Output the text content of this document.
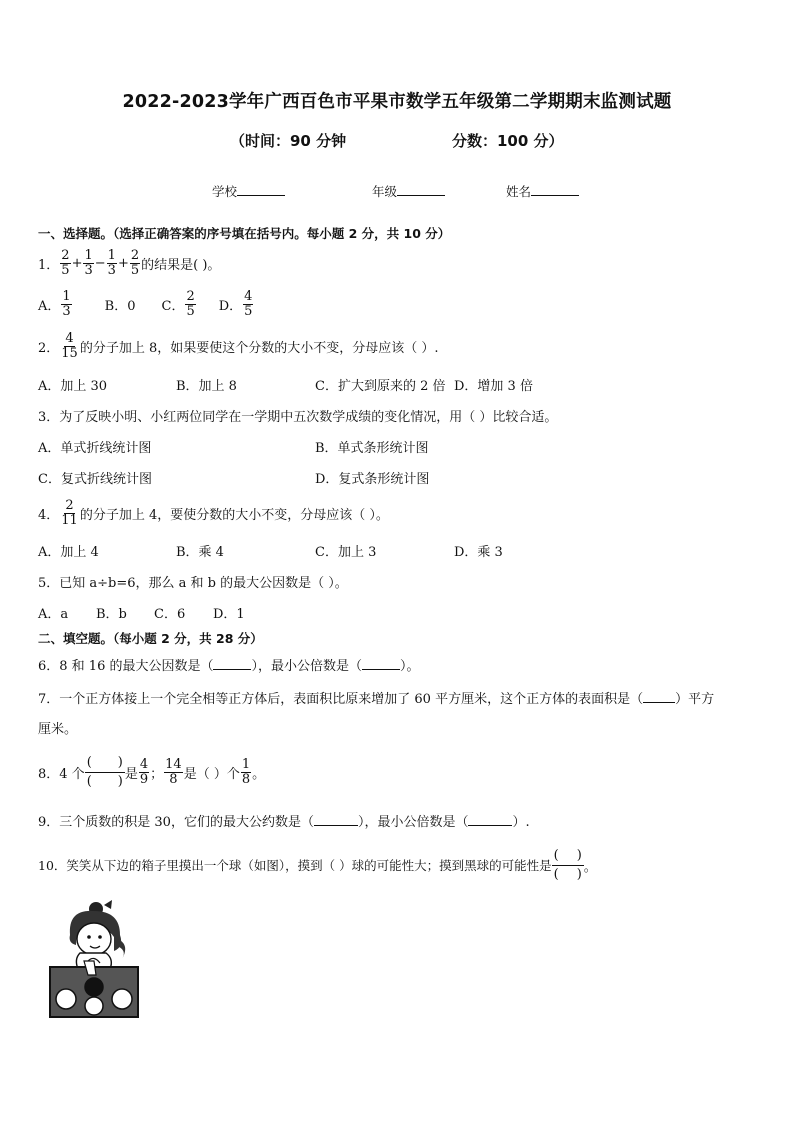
2022-2023学年广西百色市平果市数学五年级第二学期期末监测试题
（时间：90 分钟	分数：100 分）
学校	年级	姓名
一、选择题。（选择正确答案的序号填在括号内。每小题 2 分，共 10 分）
1． $\frac{2}{5} + \frac{1}{3} - \frac{1}{3} + \frac{2}{5}$ 的结果是( )。
A． $\frac{1}{3}$	B．0 C． $\frac{2}{5}$ D． $\frac{4}{5}$
2． $\frac{4}{15}$ 的分子加上 8，如果要使这个分数的大小不变，分母应该（ ）.
A．加上 30	B．加上 8	C．扩大到原来的 2 倍 D．增加 3 倍
3．为了反映小明、小红两位同学在一学期中五次数学成绩的变化情况，用（ ）比较合适。
A．单式折线统计图	B．单式条形统计图
C．复式折线统计图	D．复式条形统计图
4． $\frac{2}{11}$ 的分子加上 4，要使分数的大小不变，分母应该（ ）。
A．加上 4	B．乘 4	C．加上 3	D．乘 3
5．已知 a÷b=6，那么 a 和 b 的最大公因数是（ ）。
A．a B．b C．6 D．1
二、填空题。（每小题 2 分，共 28 分）
6．8 和 16 的最大公因数是（	），最小公倍数是（	）。
7．一个正方体接上一个完全相等正方体后，表面积比原来增加了 60 平方厘米，这个正方体的表面积是（ ）平方
厘米。
8．4 个
( )
( ) 是 $\frac{4}{9}$ ； $\frac{14}{8}$ 是（ ）个 $\frac{1}{8}$ 。
9．三个质数的积是 30，它们的最大公约数是（	），最小公倍数是（	）.
10．笑笑从下边的箱子里摸出一个球（如图），摸到（ ）球的可能性大；摸到黑球的可能性是
( )
( ) 。
